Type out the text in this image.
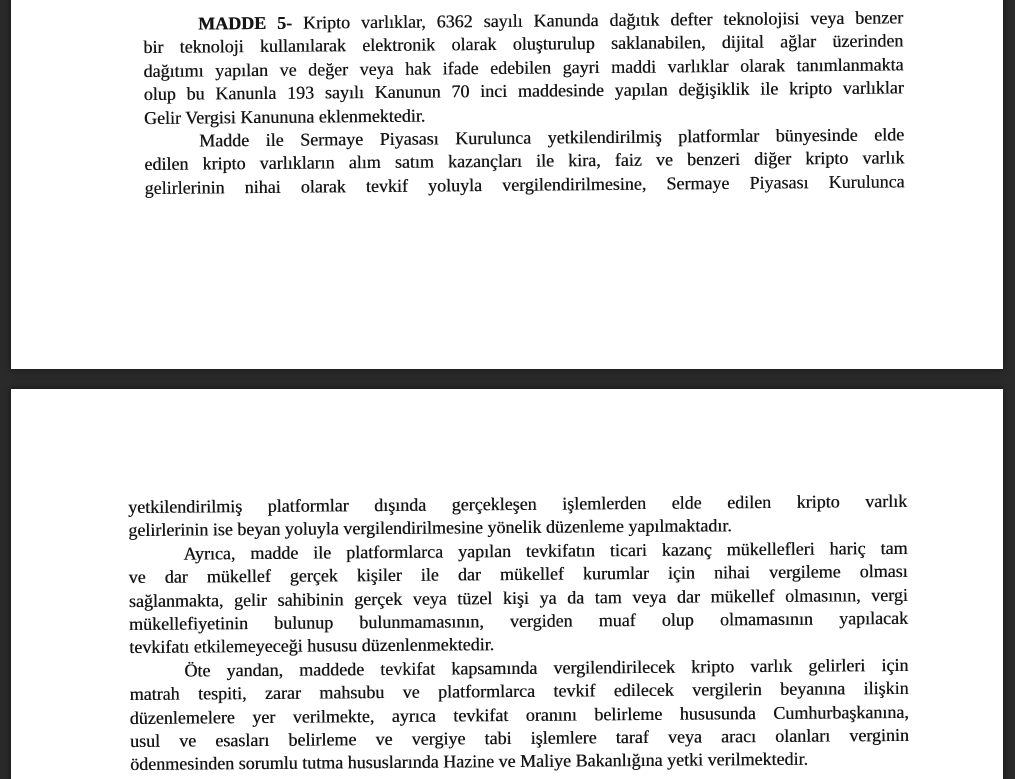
MADDE 5- Kripto varlıklar, 6362 sayılı Kanunda dağıtık defter teknolojisi veya benzer
bir teknoloji kullanılarak elektronik olarak oluşturulup saklanabilen, dijital ağlar üzerinden
dağıtımı yapılan ve değer veya hak ifade edebilen gayri maddi varlıklar olarak tanımlanmakta
olup bu Kanunla 193 sayılı Kanunun 70 inci maddesinde yapılan değişiklik ile kripto varlıklar
Gelir Vergisi Kanununa eklenmektedir.
Madde ile Sermaye Piyasası Kurulunca yetkilendirilmiş platformlar bünyesinde elde
edilen kripto varlıkların alım satım kazançları ile kira, faiz ve benzeri diğer kripto varlık
gelirlerinin nihai olarak tevkif yoluyla vergilendirilmesine, Sermaye Piyasası Kurulunca
yetkilendirilmiş platformlar dışında gerçekleşen işlemlerden elde edilen kripto varlık
gelirlerinin ise beyan yoluyla vergilendirilmesine yönelik düzenleme yapılmaktadır.
Ayrıca, madde ile platformlarca yapılan tevkifatın ticari kazanç mükellefleri hariç tam
ve dar mükellef gerçek kişiler ile dar mükellef kurumlar için nihai vergileme olması
sağlanmakta, gelir sahibinin gerçek veya tüzel kişi ya da tam veya dar mükellef olmasının, vergi
mükellefiyetinin bulunup bulunmamasının, vergiden muaf olup olmamasının yapılacak
tevkifatı etkilemeyeceği hususu düzenlenmektedir.
Öte yandan, maddede tevkifat kapsamında vergilendirilecek kripto varlık gelirleri için
matrah tespiti, zarar mahsubu ve platformlarca tevkif edilecek vergilerin beyanına ilişkin
düzenlemelere yer verilmekte, ayrıca tevkifat oranını belirleme hususunda Cumhurbaşkanına,
usul ve esasları belirleme ve vergiye tabi işlemlere taraf veya aracı olanları verginin
ödenmesinden sorumlu tutma hususlarında Hazine ve Maliye Bakanlığına yetki verilmektedir.
